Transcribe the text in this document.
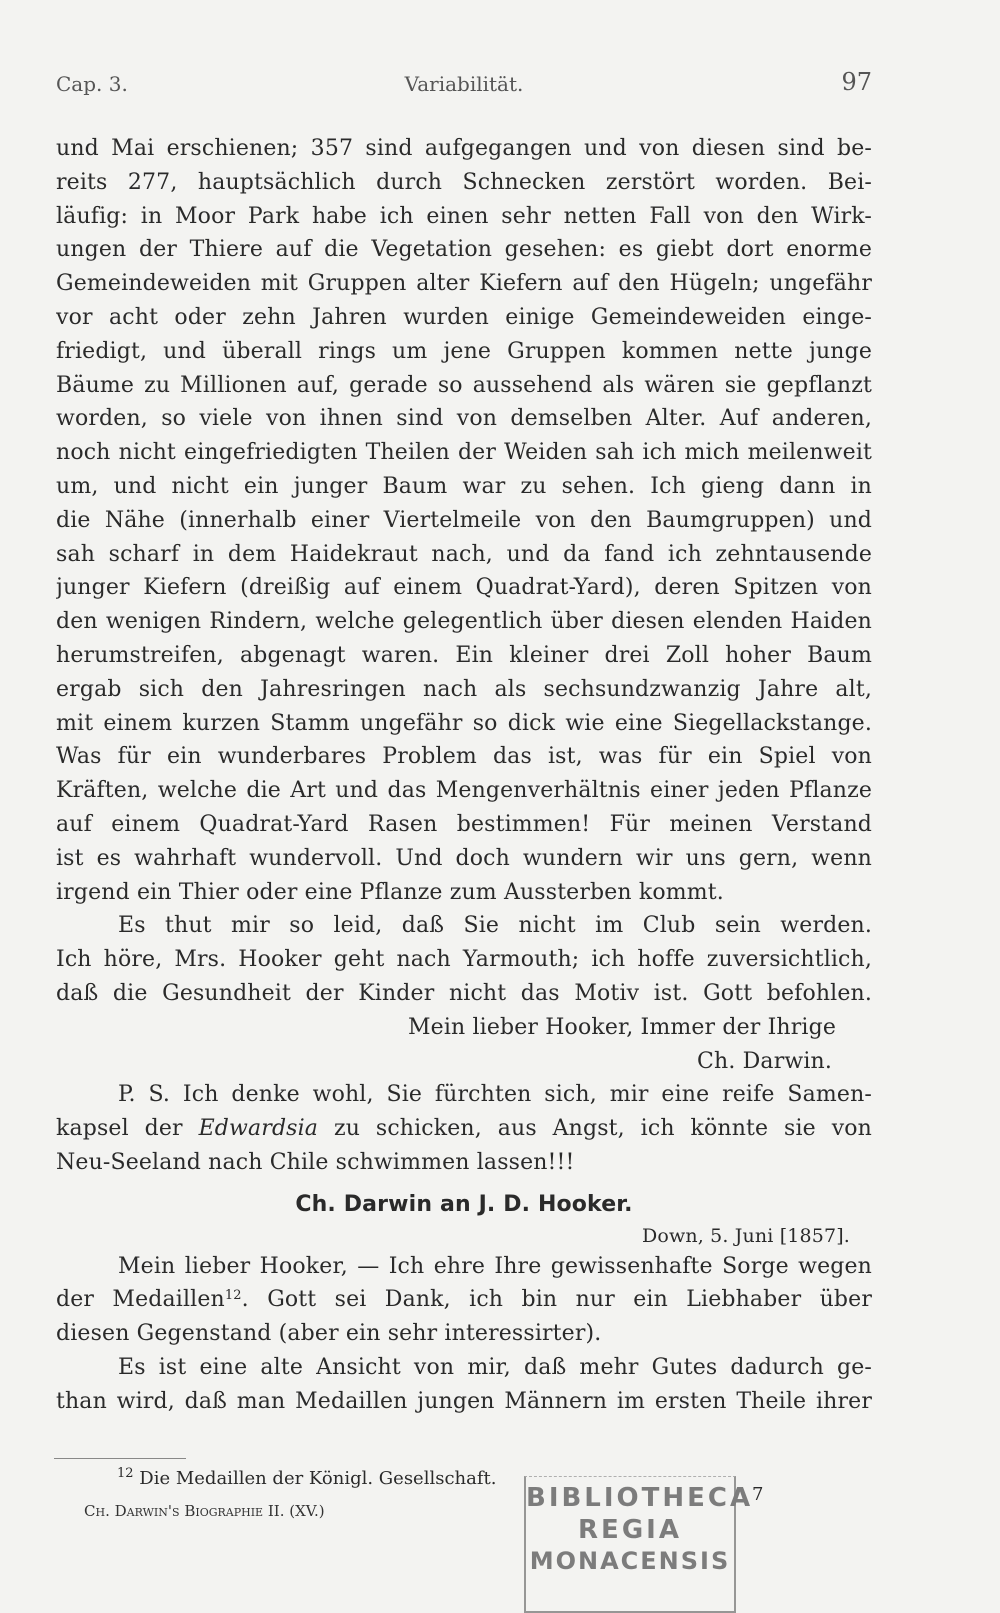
Cap. 3.	Variabilität.	97
und Mai erschienen; 357 sind aufgegangen und von diesen sind be-
reits 277, hauptsächlich durch Schnecken zerstört worden. Bei-
läufig: in Moor Park habe ich einen sehr netten Fall von den Wirk-
ungen der Thiere auf die Vegetation gesehen: es giebt dort enorme
Gemeindeweiden mit Gruppen alter Kiefern auf den Hügeln; ungefähr
vor acht oder zehn Jahren wurden einige Gemeindeweiden einge-
friedigt, und überall rings um jene Gruppen kommen nette junge
Bäume zu Millionen auf, gerade so aussehend als wären sie gepflanzt
worden, so viele von ihnen sind von demselben Alter. Auf anderen,
noch nicht eingefriedigten Theilen der Weiden sah ich mich meilenweit
um, und nicht ein junger Baum war zu sehen. Ich gieng dann in
die Nähe (innerhalb einer Viertelmeile von den Baumgruppen) und
sah scharf in dem Haidekraut nach, und da fand ich zehntausende
junger Kiefern (dreißig auf einem Quadrat-Yard), deren Spitzen von
den wenigen Rindern, welche gelegentlich über diesen elenden Haiden
herumstreifen, abgenagt waren. Ein kleiner drei Zoll hoher Baum
ergab sich den Jahresringen nach als sechsundzwanzig Jahre alt,
mit einem kurzen Stamm ungefähr so dick wie eine Siegellackstange.
Was für ein wunderbares Problem das ist, was für ein Spiel von
Kräften, welche die Art und das Mengenverhältnis einer jeden Pflanze
auf einem Quadrat-Yard Rasen bestimmen! Für meinen Verstand
ist es wahrhaft wundervoll. Und doch wundern wir uns gern, wenn
irgend ein Thier oder eine Pflanze zum Aussterben kommt.
Es thut mir so leid, daß Sie nicht im Club sein werden.
Ich höre, Mrs. Hooker geht nach Yarmouth; ich hoffe zuversichtlich,
daß die Gesundheit der Kinder nicht das Motiv ist. Gott befohlen.
Mein lieber Hooker, Immer der Ihrige
Ch. Darwin.
P. S. Ich denke wohl, Sie fürchten sich, mir eine reife Samen-
kapsel der Edwardsia zu schicken, aus Angst, ich könnte sie von
Neu-Seeland nach Chile schwimmen lassen!!!
Ch. Darwin an J. D. Hooker.
Down, 5. Juni [1857].
Mein lieber Hooker, — Ich ehre Ihre gewissenhafte Sorge wegen
der Medaillen$^{12}$. Gott sei Dank, ich bin nur ein Liebhaber über
diesen Gegenstand (aber ein sehr interessirter).
Es ist eine alte Ansicht von mir, daß mehr Gutes dadurch ge-
than wird, daß man Medaillen jungen Männern im ersten Theile ihrer
$^{12}$ Die Medaillen der Königl. Gesellschaft.
Ch. Darwin's Biographie II. (XV.)
7
BIBLIOTHECA
REGIA
MONACENSIS
